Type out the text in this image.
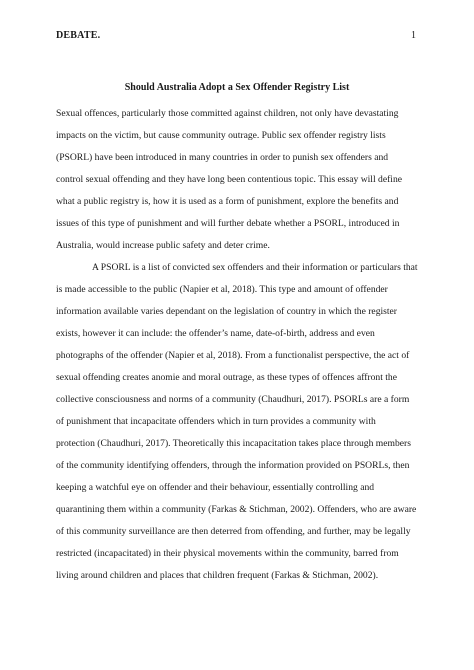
DEBATE.	1
Should Australia Adopt a Sex Offender Registry List
Sexual offences, particularly those committed against children, not only have devastating
impacts on the victim, but cause community outrage. Public sex offender registry lists
(PSORL) have been introduced in many countries in order to punish sex offenders and
control sexual offending and they have long been contentious topic. This essay will define
what a public registry is, how it is used as a form of punishment, explore the benefits and
issues of this type of punishment and will further debate whether a PSORL, introduced in
Australia, would increase public safety and deter crime.
A PSORL is a list of convicted sex offenders and their information or particulars that
is made accessible to the public (Napier et al, 2018). This type and amount of offender
information available varies dependant on the legislation of country in which the register
exists, however it can include: the offender’s name, date-of-birth, address and even
photographs of the offender (Napier et al, 2018). From a functionalist perspective, the act of
sexual offending creates anomie and moral outrage, as these types of offences affront the
collective consciousness and norms of a community (Chaudhuri, 2017). PSORLs are a form
of punishment that incapacitate offenders which in turn provides a community with
protection (Chaudhuri, 2017). Theoretically this incapacitation takes place through members
of the community identifying offenders, through the information provided on PSORLs, then
keeping a watchful eye on offender and their behaviour, essentially controlling and
quarantining them within a community (Farkas & Stichman, 2002). Offenders, who are aware
of this community surveillance are then deterred from offending, and further, may be legally
restricted (incapacitated) in their physical movements within the community, barred from
living around children and places that children frequent (Farkas & Stichman, 2002).
